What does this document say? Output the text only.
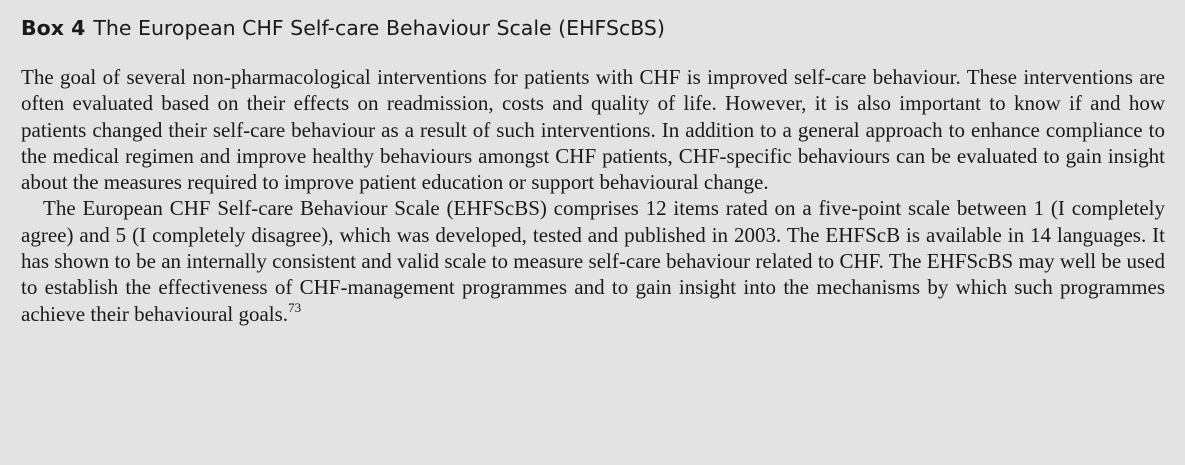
Box 4 The European CHF Self-care Behaviour Scale (EHFScBS)

The goal of several non-pharmacological interventions for patients with CHF is improved self-care behaviour. These interventions are often evaluated based on their effects on readmission, costs and quality of life. However, it is also important to know if and how patients changed their self-care behaviour as a result of such interventions. In addition to a general approach to enhance compliance to the medical regimen and improve healthy behaviours amongst CHF patients, CHF-specific behaviours can be evaluated to gain insight about the measures required to improve patient education or support behavioural change.

The European CHF Self-care Behaviour Scale (EHFScBS) comprises 12 items rated on a five-point scale between 1 (I completely agree) and 5 (I completely disagree), which was developed, tested and published in 2003. The EHFScB is available in 14 languages. It has shown to be an internally consistent and valid scale to measure self-care behaviour related to CHF. The EHFScBS may well be used to establish the effectiveness of CHF-management programmes and to gain insight into the mechanisms by which such programmes achieve their behavioural goals.$^{73}$
